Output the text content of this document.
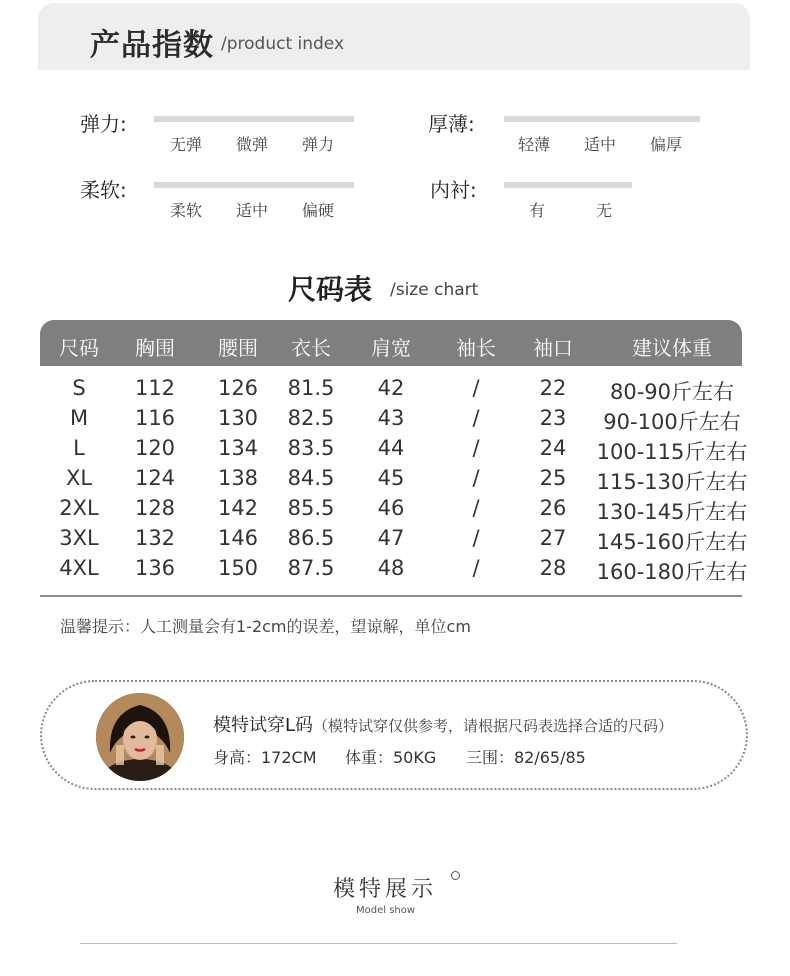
产品指数 /product index
弹力:
无弹 微弹 弹力
厚薄:
轻薄 适中 偏厚
柔软:
柔软 适中 偏硬
内衬:
有	无
尺码表 /size chart
尺码 胸围 腰围 衣长 肩宽 袖长 袖口	建议体重
S 112 126 81.5 42	/	22 80-90斤左右
M 116 130 82.5 43	/	23 90-100斤左右
L 120 134 83.5 44	/	24 100-115斤左右
XL 124 138 84.5 45	/	25 115-130斤左右
2XL 128 142 85.5 46	/	26 130-145斤左右
3XL 132 146 86.5 47	/	27 145-160斤左右
4XL 136 150 87.5 48	/	28 160-180斤左右
温馨提示：人工测量会有1-2cm的误差，望谅解，单位cm
模特试穿L码（模特试穿仅供参考，请根据尺码表选择合适的尺码）
身高：172CM 体重：50KG 三围：82/65/85
模特展示
Model show
